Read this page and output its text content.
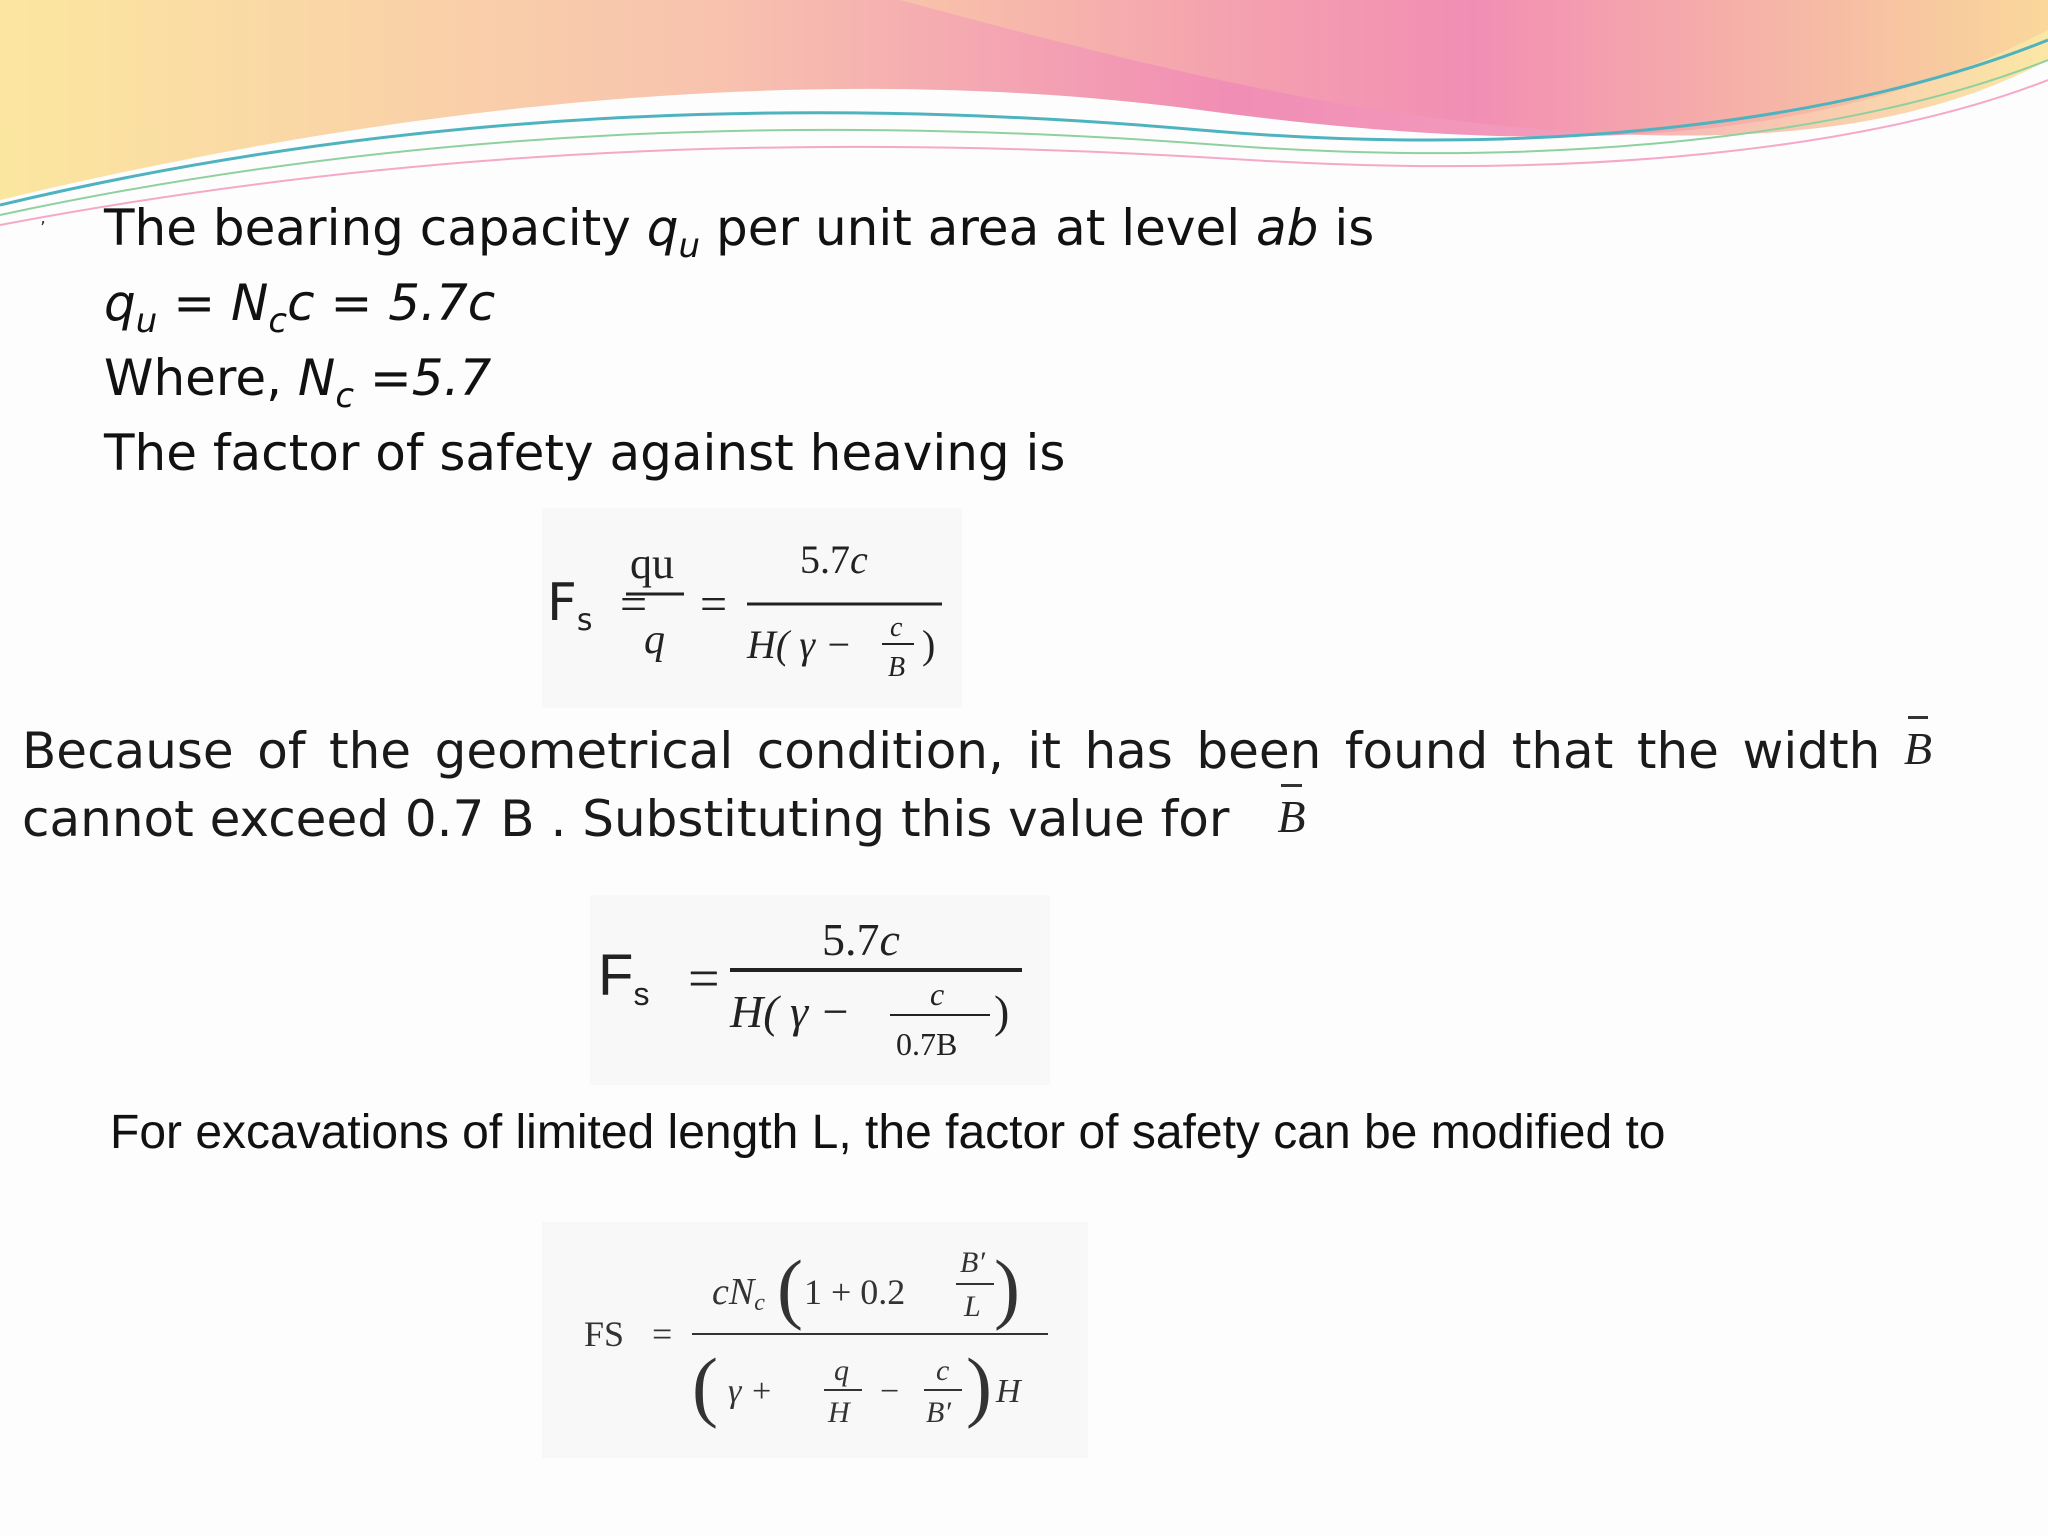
’ The bearing capacity $q_u$ per unit area at level ab is
$q_u = N_cc = 5.7c$
Where, $N_c =5.7$
The factor of safety against heaving is
Fs =
qu
q
=
5.7c
H( γ − c
B
)
Because of the geometrical condition, it has been found that the width B
cannot exceed 0.7 B . Substituting this value for B
Fs =
5.7c
H( γ − c
0.7B
)
For excavations of limited length L, the factor of safety can be modified to
FS =
cNc ( 1 + 0.2
B′
L )
( γ +
q
H
−
c
B′ ) H
